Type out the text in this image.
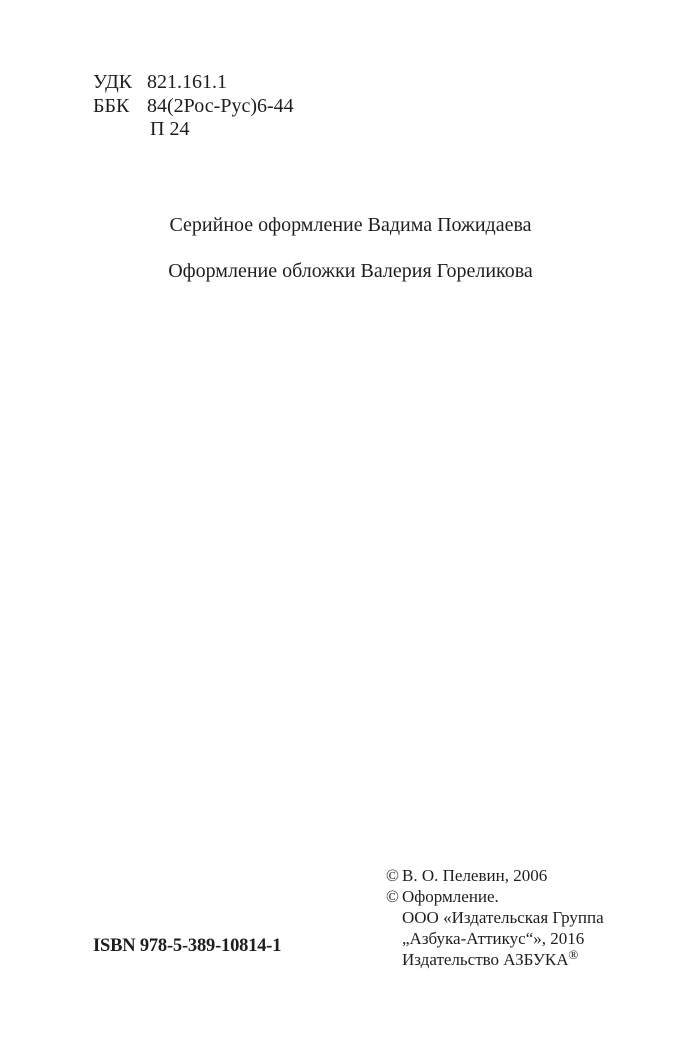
УДК 821.161.1
ББК 84(2Рос-Рус)6-44
П 24

Серийное оформление Вадима Пожидаева

Оформление обложки Валерия Гореликова

© В. О. Пелевин, 2006
© Оформление.
ООО «Издательская Группа
„Азбука-Аттикус“», 2016
Издательство АЗБУКА®
ISBN 978-5-389-10814-1
